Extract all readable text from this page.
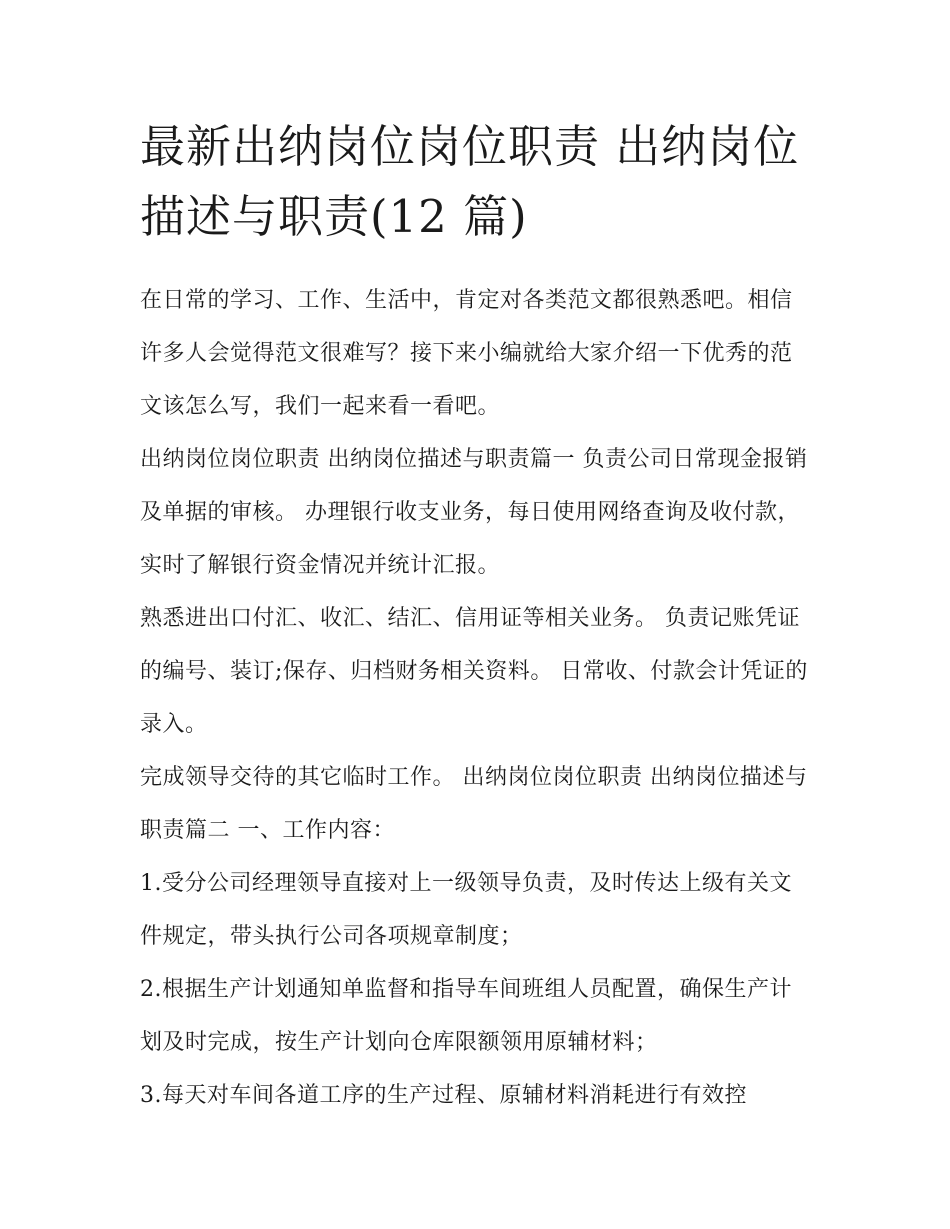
最新出纳岗位岗位职责 出纳岗位描述与职责(12 篇)

在日常的学习、工作、生活中，肯定对各类范文都很熟悉吧。相信许多人会觉得范文很难写？接下来小编就给大家介绍一下优秀的范文该怎么写，我们一起来看一看吧。

出纳岗位岗位职责 出纳岗位描述与职责篇一 负责公司日常现金报销及单据的审核。 办理银行收支业务，每日使用网络查询及收付款，实时了解银行资金情况并统计汇报。

熟悉进出口付汇、收汇、结汇、信用证等相关业务。 负责记账凭证的编号、装订;保存、归档财务相关资料。 日常收、付款会计凭证的录入。

完成领导交待的其它临时工作。 出纳岗位岗位职责 出纳岗位描述与职责篇二 一、工作内容：

1.受分公司经理领导直接对上一级领导负责，及时传达上级有关文件规定，带头执行公司各项规章制度；

2.根据生产计划通知单监督和指导车间班组人员配置，确保生产计划及时完成，按生产计划向仓库限额领用原辅材料；

3.每天对车间各道工序的生产过程、原辅材料消耗进行有效控
